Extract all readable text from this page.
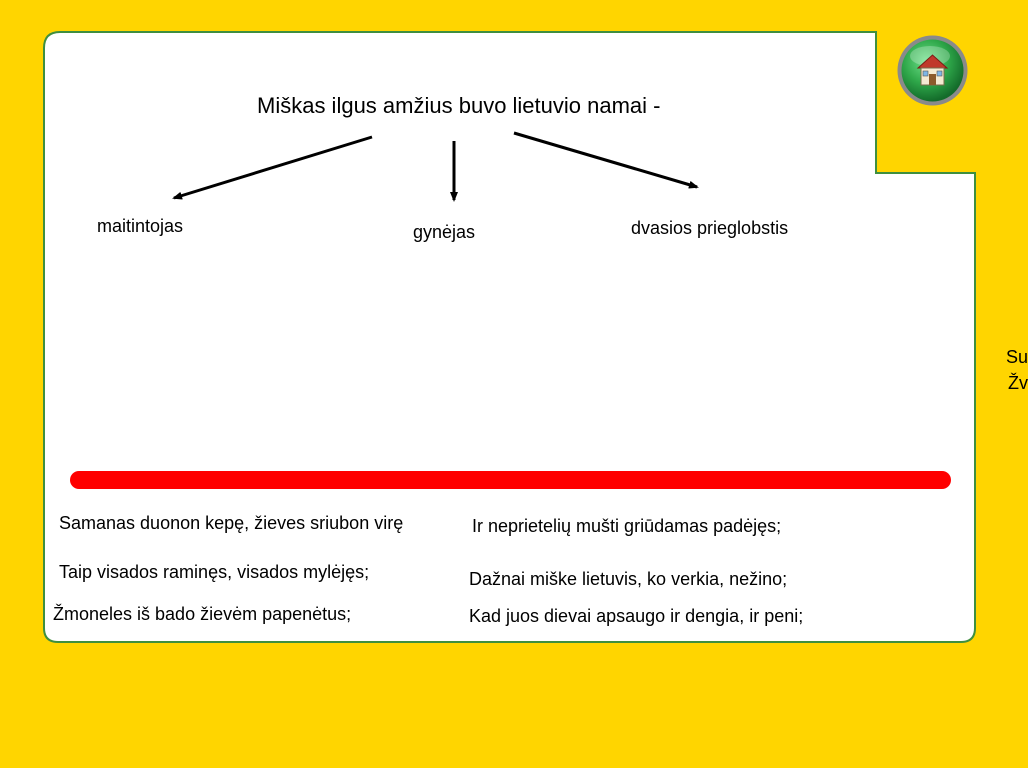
Miškas ilgus amžius buvo lietuvio namai -
maitintojas	gynėjas	dvasios prieglobstis
Samanas duonon kepę, žieves sriubon virę
Taip visados raminęs, visados mylėjęs;
Žmoneles iš bado žievėm papenėtus;
Ir neprietelių mušti griūdamas padėjęs;
Dažnai miške lietuvis, ko verkia, nežino;
Kad juos dievai apsaugo ir dengia, ir peni;
Su
Žv
